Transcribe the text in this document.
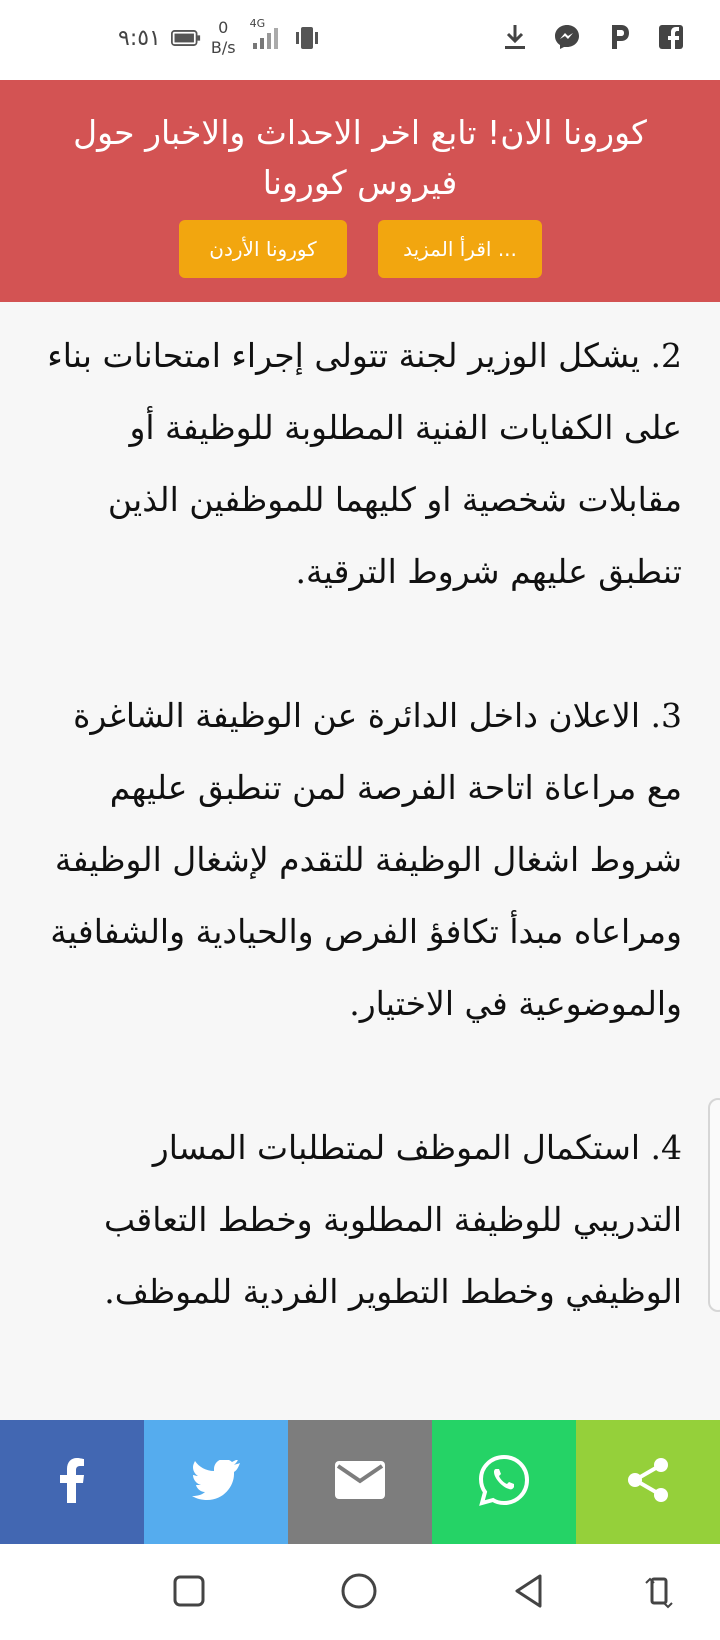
٩:٥١	0
B/s
4G
كورونا الان! تابع اخر الاحداث والاخبار حول فيروس كورونا
اقرأ المزيد ...
كورونا الأردن

2. يشكل الوزير لجنة تتولى إجراء امتحانات بناء على الكفايات الفنية المطلوبة للوظيفة أو مقابلات شخصية او كليهما للموظفين الذين تنطبق عليهم شروط الترقية.

3. الاعلان داخل الدائرة عن الوظيفة الشاغرة مع مراعاة اتاحة الفرصة لمن تنطبق عليهم شروط اشغال الوظيفة للتقدم لإشغال الوظيفة ومراعاه مبدأ تكافؤ الفرص والحيادية والشفافية والموضوعية في الاختيار.

4. استكمال الموظف لمتطلبات المسار التدريبي للوظيفة المطلوبة وخطط التعاقب الوظيفي وخطط التطوير الفردية للموظف.
